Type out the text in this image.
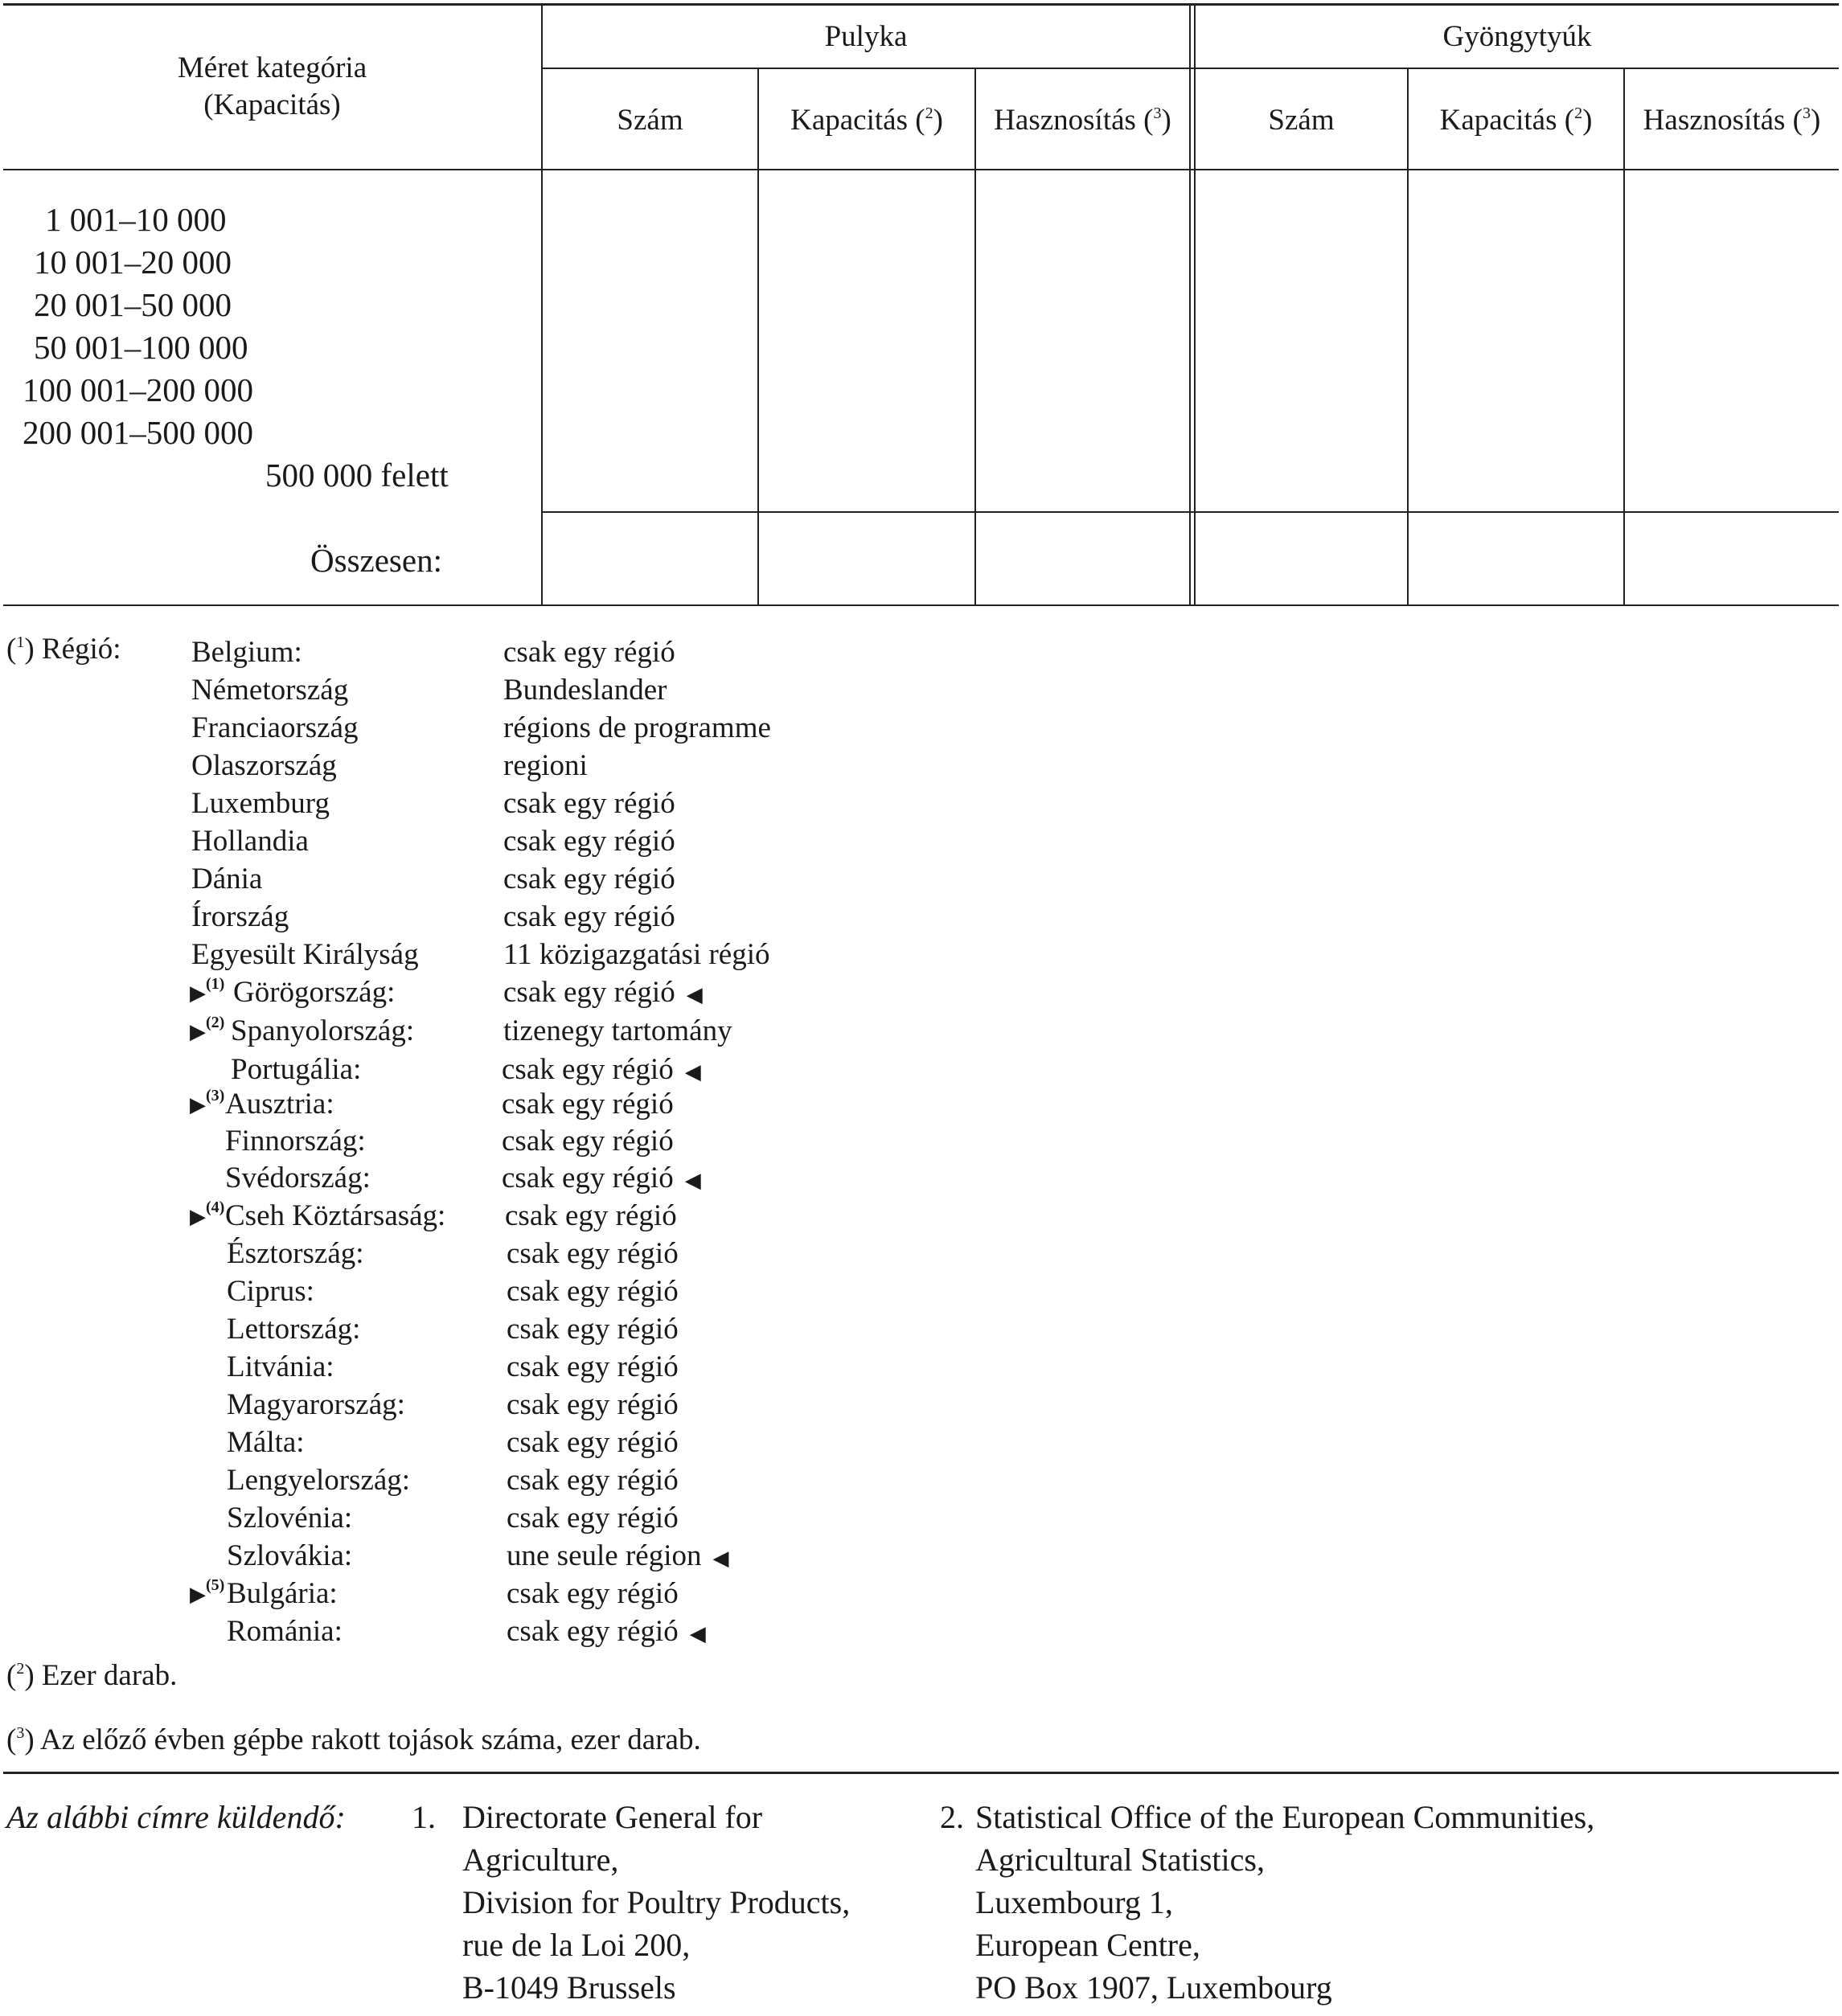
Méret kategória
(Kapacitás)
Pulyka	Gyöngytyúk
Szám	Kapacitás ($^2$)	Hasznosítás ($^3$)	Szám	Kapacitás ($^2$)	Hasznosítás ($^3$)
1 001–10 000
10 001–20 000
20 001–50 000
50 001–100 000
100 001–200 000
200 001–500 000
500 000 felett
Összesen:
($^1$) Régió: Belgium:	csak egy régió
Németország	Bundeslander
Franciaország	régions de programme
Olaszország	regioni
Luxemburg	csak egy régió
Hollandia	csak egy régió
Dánia	csak egy régió
Írország	csak egy régió
Egyesült Királyság	11 közigazgatási régió
▶$^{(1)}$ Görögország:	csak egy régió ◀
▶$^{(2)}$ Spanyolország:	tizenegy tartomány
Portugália:	csak egy régió ◀
▶$^{(3)}$ Ausztria:	csak egy régió
Finnország:	csak egy régió
Svédország:	csak egy régió ◀
▶$^{(4)}$ Cseh Köztársaság: csak egy régió
Észtország:	csak egy régió
Ciprus:	csak egy régió
Lettország:	csak egy régió
Litvánia:	csak egy régió
Magyarország:	csak egy régió
Málta:	csak egy régió
Lengyelország:	csak egy régió
Szlovénia:	csak egy régió
Szlovákia:	une seule région ◀
▶$^{(5)}$ Bulgária:	csak egy régió
Románia:	csak egy régió ◀
($^2$) Ezer darab.
($^3$) Az előző évben gépbe rakott tojások száma, ezer darab.
Az alábbi címre küldendő: 1. Directorate General for
Agriculture,
Division for Poultry Products,
rue de la Loi 200,
B-1049 Brussels
2. Statistical Office of the European Communities,
Agricultural Statistics,
Luxembourg 1,
European Centre,
PO Box 1907, Luxembourg
